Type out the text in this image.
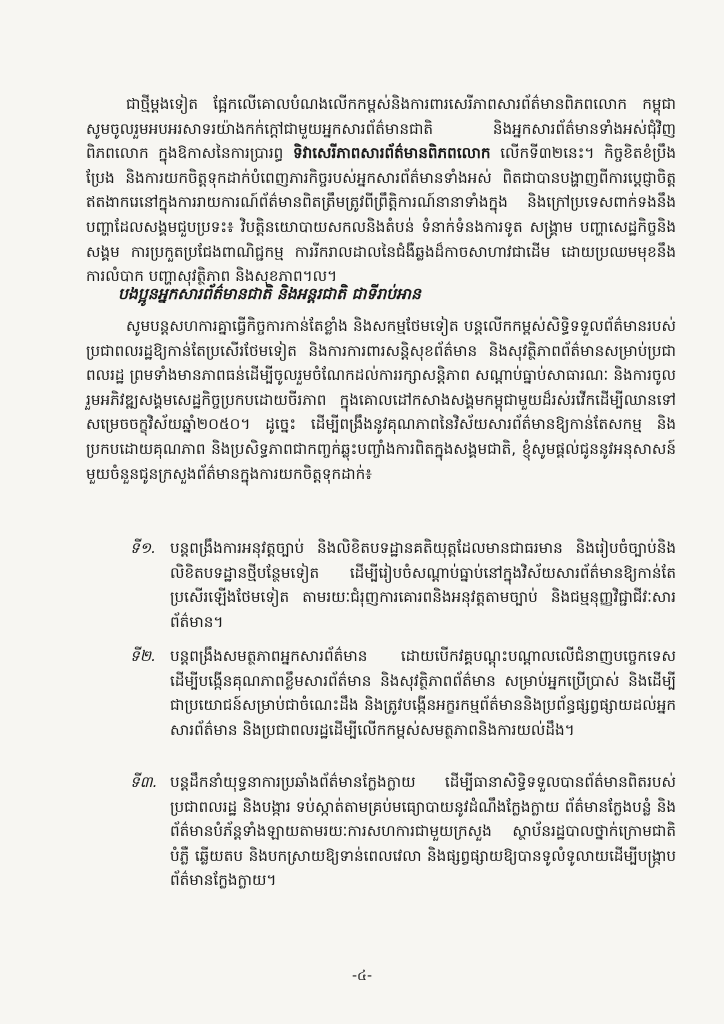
ជាថ្មីម្តងទៀត ផ្អែកលើគោលបំណងលើកកម្ពស់និងការពារសេរីភាពសារព័ត៌មានពិភពលោក កម្ពុជាសូមចូលរួមអបអរសាទរយ៉ាងកក់ក្ដៅជាមួយអ្នកសារព័ត៌មានជាតិ និងអ្នកសារព័ត៌មានទាំងអស់ជុំវិញពិភពលោក ក្នុងឱកាសនៃការប្រារព្ធ ទិវាសេរីភាពសារព័ត៌មានពិភពលោក លើកទី៣២នេះ។ កិច្ចខិតខំប្រឹងប្រែង និងការយកចិត្តទុកដាក់បំពេញភារកិច្ចរបស់អ្នកសារព័ត៌មានទាំងអស់ ពិតជាបានបង្ហាញពីការប្តេជ្ញាចិត្តឥតងាករេនៅក្នុងការរាយការណ៍ព័ត៌មានពិតត្រឹមត្រូវពីព្រឹត្តិការណ៍នានាទាំងក្នុង និងក្រៅប្រទេសពាក់ទងនឹងបញ្ហាដែលសង្គមជួបប្រទះ៖ វិបត្តិនយោបាយសកលនិងតំបន់ ទំនាក់ទំនងការទូត សង្គ្រាម បញ្ហាសេដ្ឋកិច្ចនិងសង្គម ការប្រកួតប្រជែងពាណិជ្ជកម្ម ការរីករាលដាលនៃជំងឺឆ្លងដ៏កាចសាហាវជាដើម ដោយប្រឈមមុខនឹងការលំបាក បញ្ហាសុវត្ថិភាព និងសុខភាព។ល។

បងប្អូនអ្នកសារព័ត៌មានជាតិ និងអន្តរជាតិ ជាទីរាប់អាន

សូមបន្តសហការគ្នាធ្វើកិច្ចការកាន់តែខ្លាំង និងសកម្មថែមទៀត បន្តលើកកម្ពស់សិទ្ធិទទួលព័ត៌មានរបស់ប្រជាពលរដ្ឋឱ្យកាន់តែប្រសើរថែមទៀត និងការការពារសន្តិសុខព័ត៌មាន និងសុវត្ថិភាពព័ត៌មានសម្រាប់ប្រជាពលរដ្ឋ ព្រមទាំងមានភាពធន់ដើម្បីចូលរួមចំណែកដល់ការរក្សាសន្តិភាព សណ្តាប់ធ្នាប់សាធារណៈ និងការចូលរួមអភិវឌ្ឍសង្គមសេដ្ឋកិច្ចប្រកបដោយចីរភាព ក្នុងគោលដៅកសាងសង្គមកម្ពុជាមួយដ៏រស់រវើកដើម្បីឈានទៅសម្រេចចក្ខុវិស័យឆ្នាំ២០៥០។ ដូច្នេះ ដើម្បីពង្រឹងនូវគុណភាពនៃវិស័យសារព័ត៌មានឱ្យកាន់តែសកម្ម និងប្រកបដោយគុណភាព និងប្រសិទ្ធភាពជាកញ្ចក់ឆ្លុះបញ្ចាំងការពិតក្នុងសង្គមជាតិ, ខ្ញុំសូមផ្តល់ជូននូវអនុសាសន៍មួយចំនួនជូនក្រសួងព័ត៌មានក្នុងការយកចិត្តទុកដាក់៖

ទី១. បន្តពង្រឹងការអនុវត្តច្បាប់ និងលិខិតបទដ្ឋានគតិយុត្តដែលមានជាធរមាន និងរៀបចំច្បាប់និងលិខិតបទដ្ឋានថ្មីបន្ថែមទៀត ដើម្បីរៀបចំសណ្តាប់ធ្នាប់នៅក្នុងវិស័យសារព័ត៌មានឱ្យកាន់តែប្រសើរឡើងថែមទៀត តាមរយៈជំរុញការគោរពនិងអនុវត្តតាមច្បាប់ និងជម្មនុញ្ញវិជ្ជាជីវៈសារព័ត៌មាន។
ទី២. បន្តពង្រឹងសមត្ថភាពអ្នកសារព័ត៌មាន ដោយបើកវគ្គបណ្តុះបណ្តាលលើជំនាញបច្ចេកទេស ដើម្បីបង្កើនគុណភាពខ្លឹមសារព័ត៌មាន និងសុវត្ថិភាពព័ត៌មាន សម្រាប់អ្នកប្រើប្រាស់ និងដើម្បីជាប្រយោជន៍សម្រាប់ជាចំណេះដឹង និងត្រូវបង្កើនអក្ខរកម្មព័ត៌មាននិងប្រព័ន្ធផ្សព្វផ្សាយដល់អ្នកសារព័ត៌មាន និងប្រជាពលរដ្ឋដើម្បីលើកកម្ពស់សមត្ថភាពនិងការយល់ដឹង។
ទី៣. បន្តដឹកនាំយុទ្ធនាការប្រឆាំងព័ត៌មានក្លែងក្លាយ ដើម្បីធានាសិទ្ធិទទួលបានព័ត៌មានពិតរបស់ប្រជាពលរដ្ឋ និងបង្ការ ទប់ស្កាត់តាមគ្រប់មធ្យោបាយនូវដំណឹងក្លែងក្លាយ ព័ត៌មានក្លែងបន្លំ និងព័ត៌មានបំភ័ន្តទាំងឡាយតាមរយៈការសហការជាមួយក្រសួង ស្ថាប័នរដ្ឋបាលថ្នាក់ក្រោមជាតិ បំភ្លឺ ឆ្លើយតប និងបកស្រាយឱ្យទាន់ពេលវេលា និងផ្សព្វផ្សាយឱ្យបានទូលំទូលាយដើម្បីបង្ក្រាបព័ត៌មានក្លែងក្លាយ។
-៤-
